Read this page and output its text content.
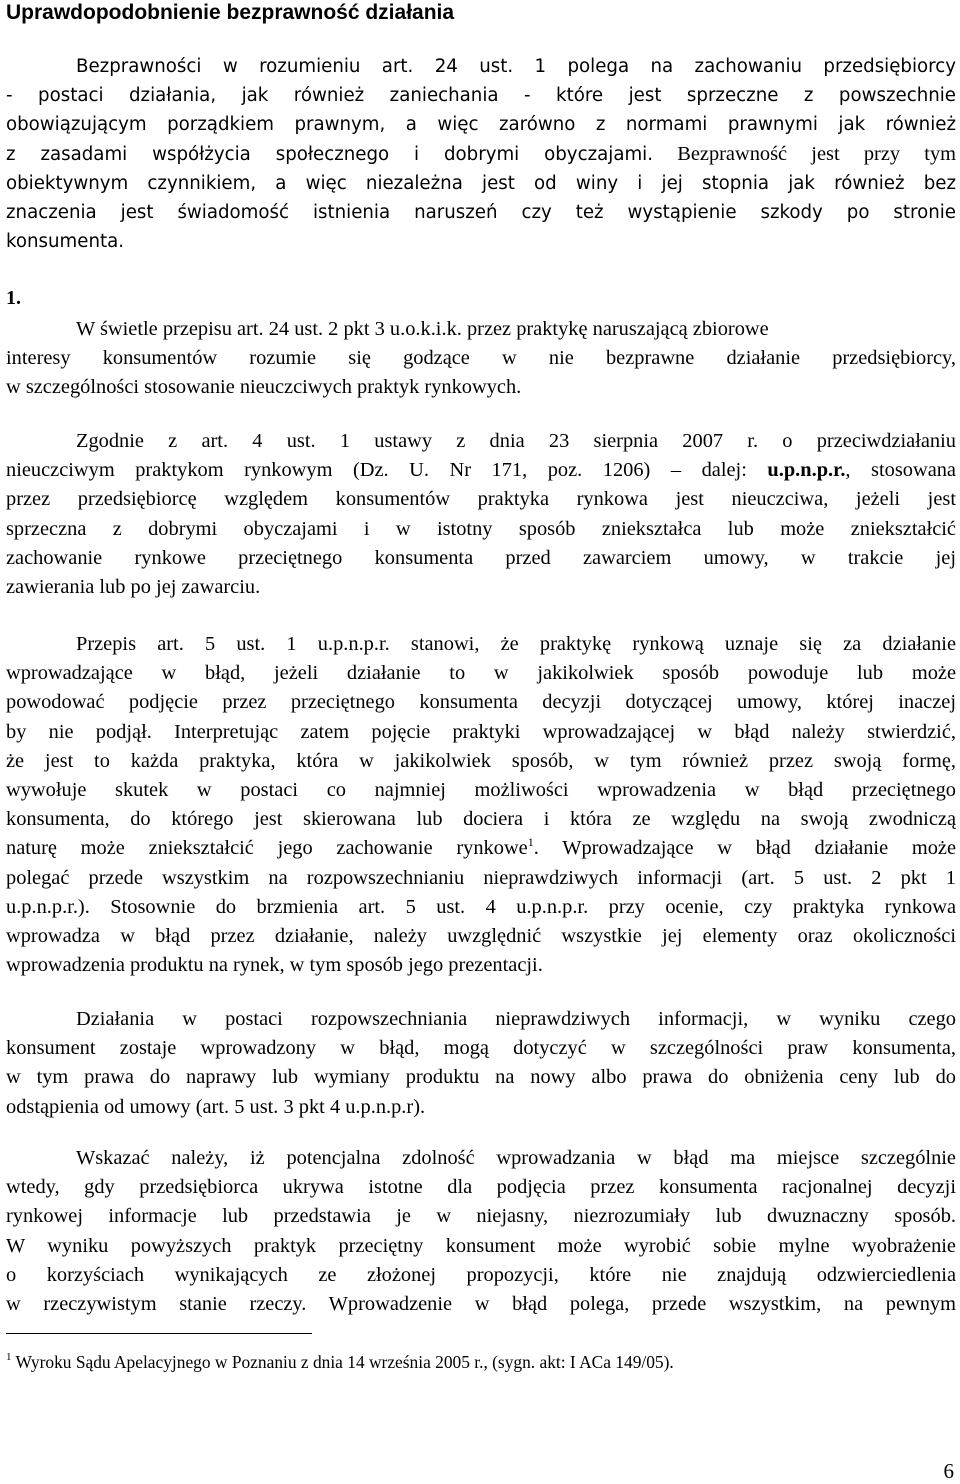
Uprawdopodobnienie bezprawność działania
Bezprawności w rozumieniu art. 24 ust. 1 polega na zachowaniu przedsiębiorcy
- postaci działania, jak również zaniechania - które jest sprzeczne z powszechnie
obowiązującym porządkiem prawnym, a więc zarówno z normami prawnymi jak również
z zasadami współżycia społecznego i dobrymi obyczajami. Bezprawność jest przy tym
obiektywnym czynnikiem, a więc niezależna jest od winy i jej stopnia jak również bez
znaczenia jest świadomość istnienia naruszeń czy też wystąpienie szkody po stronie
konsumenta.
1.
W świetle przepisu art. 24 ust. 2 pkt 3 u.o.k.i.k. przez praktykę naruszającą zbiorowe
interesy konsumentów rozumie się godzące w nie bezprawne działanie przedsiębiorcy,
w szczególności stosowanie nieuczciwych praktyk rynkowych.
Zgodnie z art. 4 ust. 1 ustawy z dnia 23 sierpnia 2007 r. o przeciwdziałaniu
nieuczciwym praktykom rynkowym (Dz. U. Nr 171, poz. 1206) – dalej: u.p.n.p.r., stosowana
przez przedsiębiorcę względem konsumentów praktyka rynkowa jest nieuczciwa, jeżeli jest
sprzeczna z dobrymi obyczajami i w istotny sposób zniekształca lub może zniekształcić
zachowanie rynkowe przeciętnego konsumenta przed zawarciem umowy, w trakcie jej
zawierania lub po jej zawarciu.
Przepis art. 5 ust. 1 u.p.n.p.r. stanowi, że praktykę rynkową uznaje się za działanie
wprowadzające w błąd, jeżeli działanie to w jakikolwiek sposób powoduje lub może
powodować podjęcie przez przeciętnego konsumenta decyzji dotyczącej umowy, której inaczej
by nie podjął. Interpretując zatem pojęcie praktyki wprowadzającej w błąd należy stwierdzić,
że jest to każda praktyka, która w jakikolwiek sposób, w tym również przez swoją formę,
wywołuje skutek w postaci co najmniej możliwości wprowadzenia w błąd przeciętnego
konsumenta, do którego jest skierowana lub dociera i która ze względu na swoją zwodniczą
naturę może zniekształcić jego zachowanie rynkowe$^1$. Wprowadzające w błąd działanie może
polegać przede wszystkim na rozpowszechnianiu nieprawdziwych informacji (art. 5 ust. 2 pkt 1
u.p.n.p.r.). Stosownie do brzmienia art. 5 ust. 4 u.p.n.p.r. przy ocenie, czy praktyka rynkowa
wprowadza w błąd przez działanie, należy uwzględnić wszystkie jej elementy oraz okoliczności
wprowadzenia produktu na rynek, w tym sposób jego prezentacji.
Działania w postaci rozpowszechniania nieprawdziwych informacji, w wyniku czego
konsument zostaje wprowadzony w błąd, mogą dotyczyć w szczególności praw konsumenta,
w tym prawa do naprawy lub wymiany produktu na nowy albo prawa do obniżenia ceny lub do
odstąpienia od umowy (art. 5 ust. 3 pkt 4 u.p.n.p.r).
Wskazać należy, iż potencjalna zdolność wprowadzania w błąd ma miejsce szczególnie
wtedy, gdy przedsiębiorca ukrywa istotne dla podjęcia przez konsumenta racjonalnej decyzji
rynkowej informacje lub przedstawia je w niejasny, niezrozumiały lub dwuznaczny sposób.
W wyniku powyższych praktyk przeciętny konsument może wyrobić sobie mylne wyobrażenie
o korzyściach wynikających ze złożonej propozycji, które nie znajdują odzwierciedlenia
w rzeczywistym stanie rzeczy. Wprowadzenie w błąd polega, przede wszystkim, na pewnym
$^1$ Wyroku Sądu Apelacyjnego w Poznaniu z dnia 14 września 2005 r., (sygn. akt: I ACa 149/05).
6
